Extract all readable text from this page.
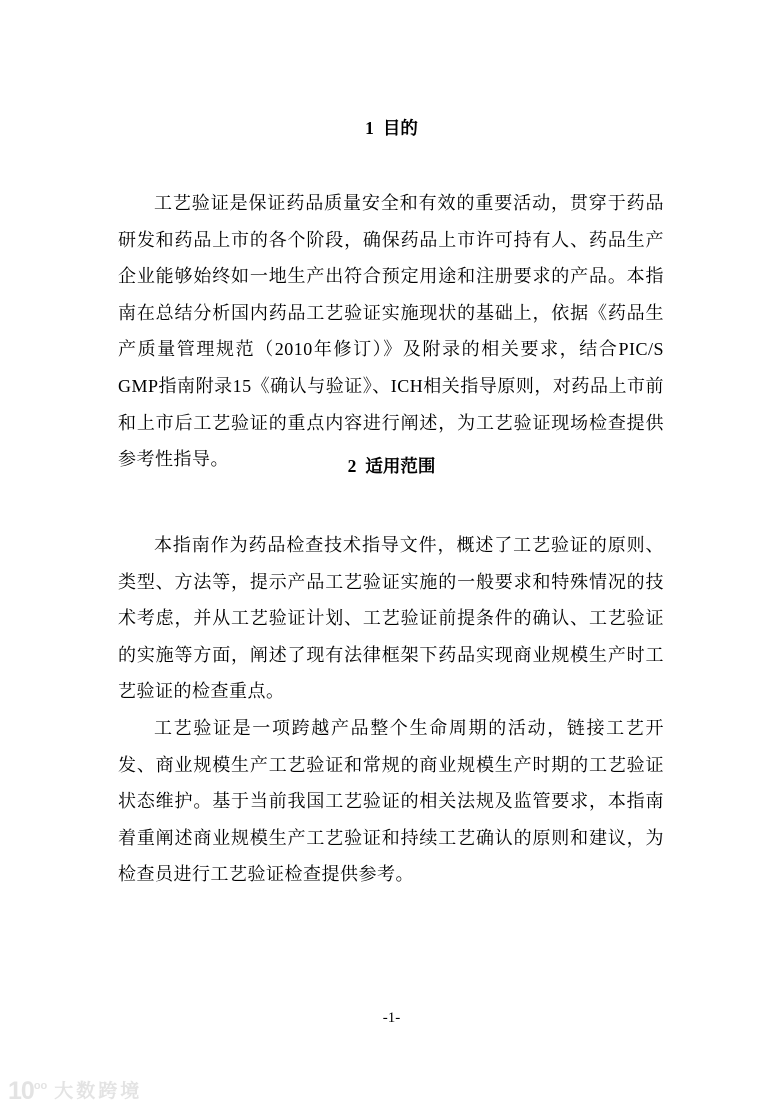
1 目的

工艺验证是保证药品质量安全和有效的重要活动，贯穿于药品研发和药品上市的各个阶段，确保药品上市许可持有人、药品生产企业能够始终如一地生产出符合预定用途和注册要求的产品。本指南在总结分析国内药品工艺验证实施现状的基础上，依据《药品生产质量管理规范（2010年修订）》及附录的相关要求，结合PIC/S GMP指南附录15《确认与验证》、ICH相关指导原则，对药品上市前和上市后工艺验证的重点内容进行阐述，为工艺验证现场检查提供参考性指导。	2 适用范围

本指南作为药品检查技术指导文件，概述了工艺验证的原则、类型、方法等，提示产品工艺验证实施的一般要求和特殊情况的技术考虑，并从工艺验证计划、工艺验证前提条件的确认、工艺验证的实施等方面，阐述了现有法律框架下药品实现商业规模生产时工艺验证的检查重点。

工艺验证是一项跨越产品整个生命周期的活动，链接工艺开发、商业规模生产工艺验证和常规的商业规模生产时期的工艺验证状态维护。基于当前我国工艺验证的相关法规及监管要求，本指南着重阐述商业规模生产工艺验证和持续工艺确认的原则和建议，为检查员进行工艺验证检查提供参考。

-1-
$10^{oo}$ 大数跨境
